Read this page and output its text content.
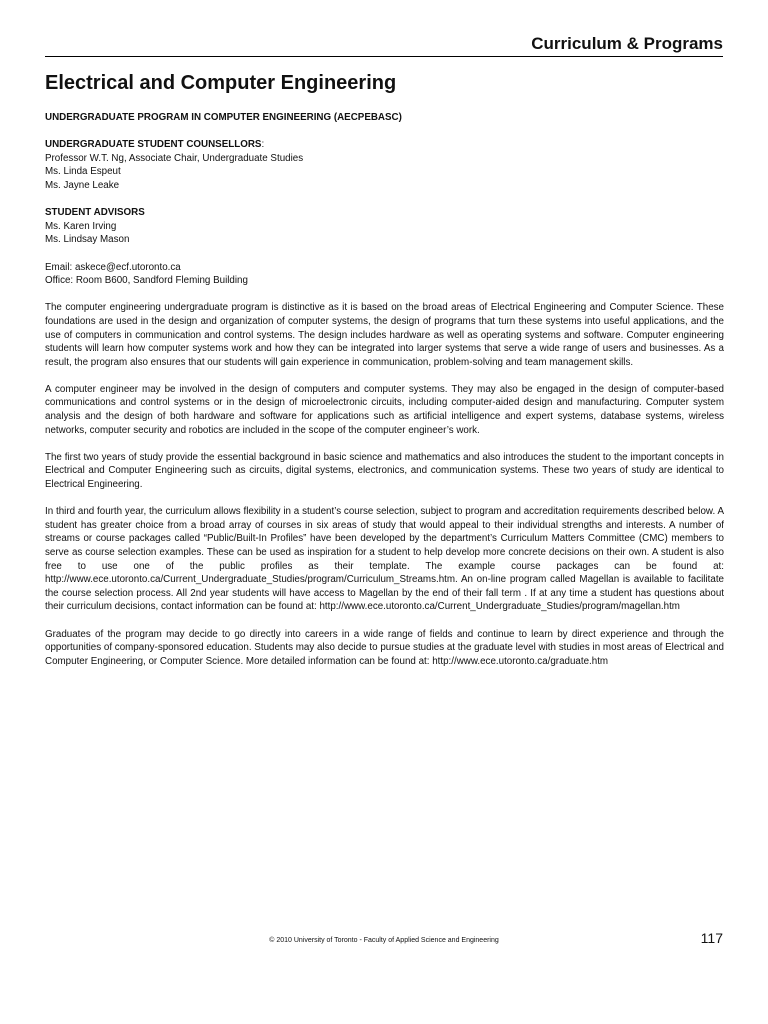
Curriculum & Programs
Electrical and Computer Engineering
UNDERGRADUATE PROGRAM IN COMPUTER ENGINEERING (AECPEBASC)
UNDERGRADUATE STUDENT COUNSELLORS:
Professor W.T. Ng, Associate Chair, Undergraduate Studies
Ms. Linda Espeut
Ms. Jayne Leake
STUDENT ADVISORS
Ms. Karen Irving
Ms. Lindsay Mason
Email: askece@ecf.utoronto.ca
Office: Room B600, Sandford Fleming Building

The computer engineering undergraduate program is distinctive as it is based on the broad areas of Electrical Engineering and Computer Science. These foundations are used in the design and organization of computer systems, the design of programs that turn these systems into useful applications, and the use of computers in communication and control systems. The design includes hardware as well as operating systems and software. Computer engineering students will learn how computer systems work and how they can be integrated into larger systems that serve a wide range of users and businesses. As a result, the program also ensures that our students will gain experience in communication, problem-solving and team management skills.

A computer engineer may be involved in the design of computers and computer systems. They may also be engaged in the design of computer-based communications and control systems or in the design of microelectronic circuits, including computer-aided design and manufacturing. Computer system analysis and the design of both hardware and software for applications such as artificial intelligence and expert systems, database systems, wireless networks, computer security and robotics are included in the scope of the computer engineer’s work.

The first two years of study provide the essential background in basic science and mathematics and also introduces the student to the important concepts in Electrical and Computer Engineering such as circuits, digital systems, electronics, and communication systems. These two years of study are identical to Electrical Engineering.

In third and fourth year, the curriculum allows flexibility in a student’s course selection, subject to program and accreditation requirements described below. A student has greater choice from a broad array of courses in six areas of study that would appeal to their individual strengths and interests. A number of streams or course packages called “Public/Built-In Profiles” have been developed by the department’s Curriculum Matters Committee (CMC) members to serve as course selection examples. These can be used as inspiration for a student to help develop more concrete decisions on their own. A student is also free to use one of the public profiles as their template. The example course packages can be found at: http://www.ece.utoronto.ca/Current_Undergraduate_Studies/program/Curriculum_Streams.htm. An on-line program called Magellan is available to facilitate the course selection process. All 2nd year students will have access to Magellan by the end of their fall term . If at any time a student has questions about their curriculum decisions, contact information can be found at: http://www.ece.utoronto.ca/Current_Undergraduate_Studies/program/magellan.htm

Graduates of the program may decide to go directly into careers in a wide range of fields and continue to learn by direct experience and through the opportunities of company-sponsored education. Students may also decide to pursue studies at the graduate level with studies in most areas of Electrical and Computer Engineering, or Computer Science. More detailed information can be found at: http://www.ece.utoronto.ca/graduate.htm

© 2010 University of Toronto - Faculty of Applied Science and Engineering	117
